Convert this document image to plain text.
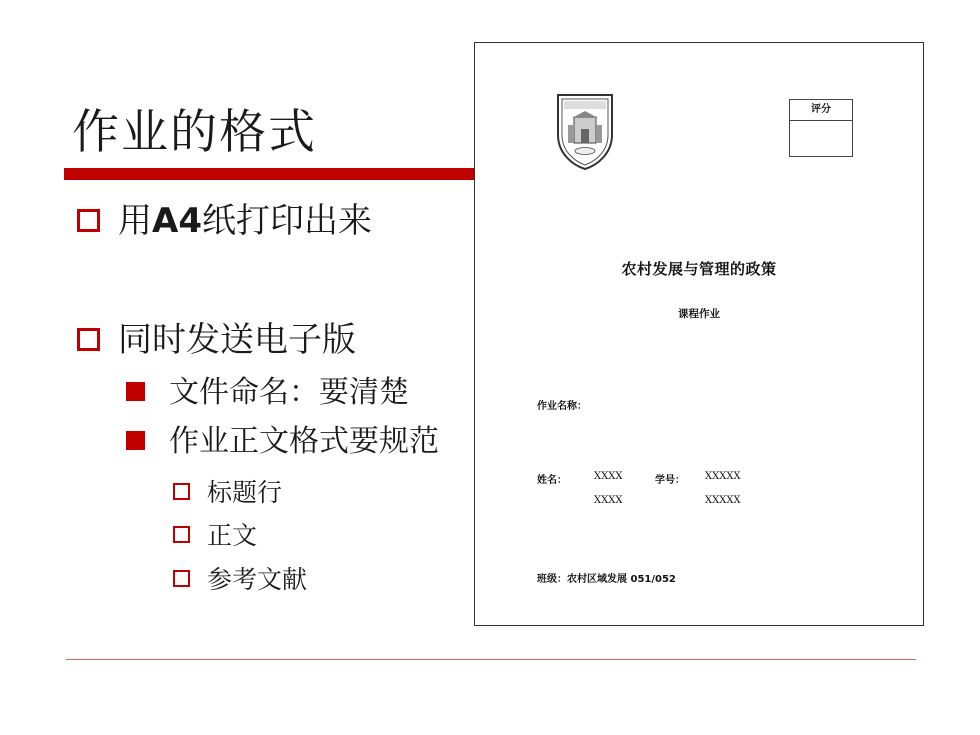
作业的格式
用A4纸打印出来
同时发送电子版
文件命名：要清楚
作业正文格式要规范
标题行
正文
参考文献
评分
农村发展与管理的政策
课程作业
作业名称：
姓名：	XXXX	学号： XXXXX
XXXX	XXXXX
班级：农村区域发展 051/052
